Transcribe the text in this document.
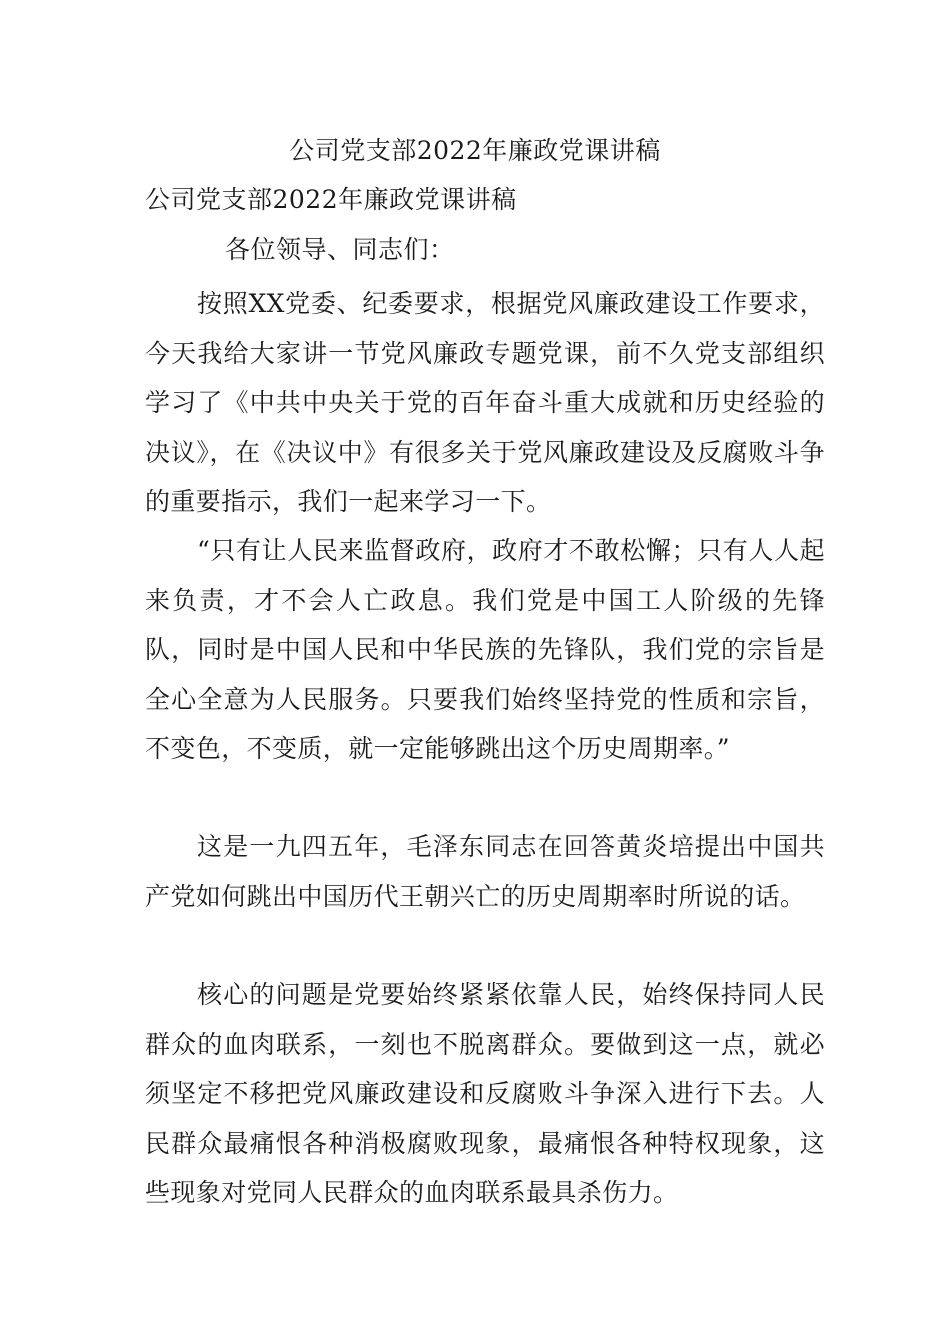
公司党支部2022年廉政党课讲稿

公司党支部2022年廉政党课讲稿

各位领导、同志们：

按照XX党委、纪委要求，根据党风廉政建设工作要求，今天我给大家讲一节党风廉政专题党课，前不久党支部组织学习了《中共中央关于党的百年奋斗重大成就和历史经验的决议》，在《决议中》有很多关于党风廉政建设及反腐败斗争的重要指示，我们一起来学习一下。

“只有让人民来监督政府，政府才不敢松懈；只有人人起来负责，才不会人亡政息。我们党是中国工人阶级的先锋队，同时是中国人民和中华民族的先锋队，我们党的宗旨是全心全意为人民服务。只要我们始终坚持党的性质和宗旨，不变色，不变质，就一定能够跳出这个历史周期率。”

这是一九四五年，毛泽东同志在回答黄炎培提出中国共产党如何跳出中国历代王朝兴亡的历史周期率时所说的话。

核心的问题是党要始终紧紧依靠人民，始终保持同人民群众的血肉联系，一刻也不脱离群众。要做到这一点，就必须坚定不移把党风廉政建设和反腐败斗争深入进行下去。人民群众最痛恨各种消极腐败现象，最痛恨各种特权现象，这些现象对党同人民群众的血肉联系最具杀伤力。
